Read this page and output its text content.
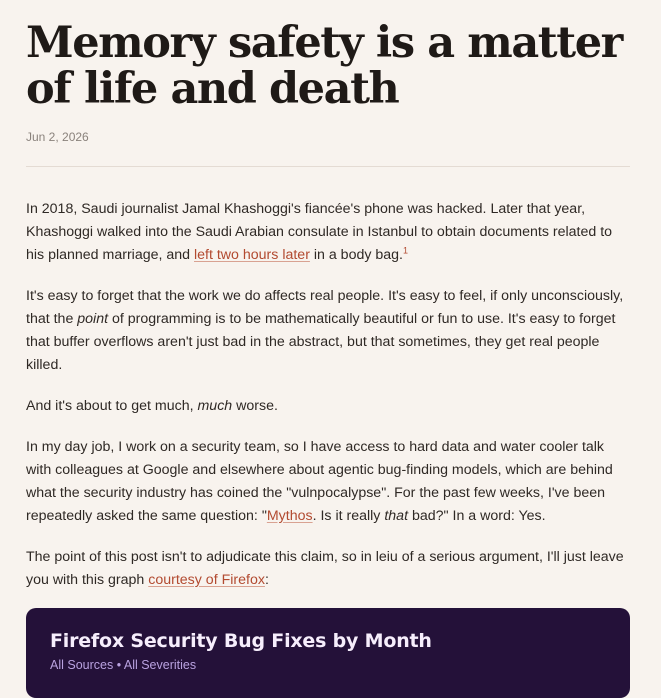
Memory safety is a matter of life and death
Jun 2, 2026

In 2018, Saudi journalist Jamal Khashoggi's fiancée's phone was hacked. Later that year, Khashoggi walked into the Saudi Arabian consulate in Istanbul to obtain documents related to his planned marriage, and left two hours later in a body bag.$^1$

It's easy to forget that the work we do affects real people. It's easy to feel, if only unconsciously, that the point of programming is to be mathematically beautiful or fun to use. It's easy to forget that buffer overflows aren't just bad in the abstract, but that sometimes, they get real people killed.

And it's about to get much, much worse.

In my day job, I work on a security team, so I have access to hard data and water cooler talk with colleagues at Google and elsewhere about agentic bug-finding models, which are behind what the security industry has coined the "vulnpocalypse". For the past few weeks, I've been repeatedly asked the same question: "Mythos. Is it really that bad?" In a word: Yes.

The point of this post isn't to adjudicate this claim, so in leiu of a serious argument, I'll just leave you with this graph courtesy of Firefox:

Firefox Security Bug Fixes by Month
All Sources • All Severities
